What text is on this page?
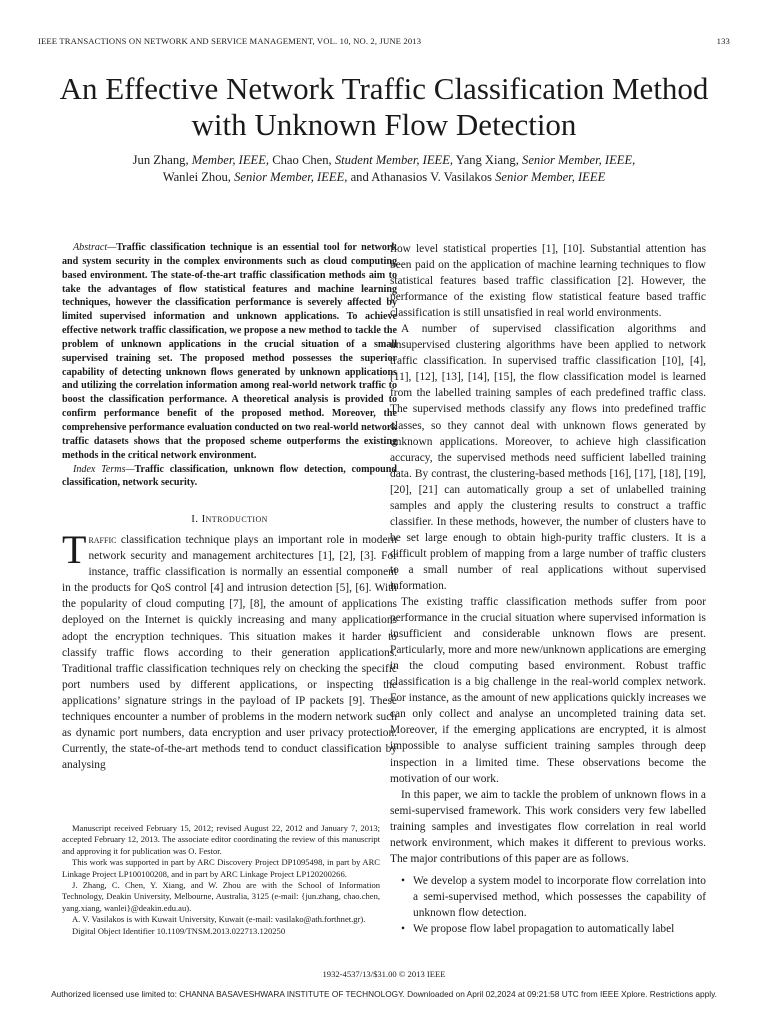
IEEE TRANSACTIONS ON NETWORK AND SERVICE MANAGEMENT, VOL. 10, NO. 2, JUNE 2013	133
An Effective Network Traffic Classification Method
with Unknown Flow Detection
Jun Zhang, Member, IEEE, Chao Chen, Student Member, IEEE, Yang Xiang, Senior Member, IEEE,
Wanlei Zhou, Senior Member, IEEE, and Athanasios V. Vasilakos Senior Member, IEEE

Abstract—Traffic classification technique is an essential tool for network and system security in the complex environments such as cloud computing based environment. The state-of-the-art traffic classification methods aim to take the advantages of flow statistical features and machine learning techniques, however the classification performance is severely affected by limited supervised information and unknown applications. To achieve effective network traffic classification, we propose a new method to tackle the problem of unknown applications in the crucial situation of a small supervised training set. The proposed method possesses the superior capability of detecting unknown flows generated by unknown applications and utilizing the correlation information among real-world network traffic to boost the classification performance. A theoretical analysis is provided to confirm performance benefit of the proposed method. Moreover, the comprehensive performance evaluation conducted on two real-world network traffic datasets shows that the proposed scheme outperforms the existing methods in the critical network environment.

Index Terms—Traffic classification, unknown flow detection, compound classification, network security.

I. Introduction

Traffic classification technique plays an important role in modern network security and management architectures [1], [2], [3]. For instance, traffic classification is normally an essential component in the products for QoS control [4] and intrusion detection [5], [6]. With the popularity of cloud computing [7], [8], the amount of applications deployed on the Internet is quickly increasing and many applications adopt the encryption techniques. This situation makes it harder to classify traffic flows according to their generation applications. Traditional traffic classification techniques rely on checking the specific port numbers used by different applications, or inspecting the applications’ signature strings in the payload of IP packets [9]. These techniques encounter a number of problems in the modern network such as dynamic port numbers, data encryption and user privacy protection. Currently, the state-of-the-art methods tend to conduct classification by analysing

Manuscript received February 15, 2012; revised August 22, 2012 and January 7, 2013; accepted February 12, 2013. The associate editor coordinating the review of this manuscript and approving it for publication was O. Festor.

This work was supported in part by ARC Discovery Project DP1095498, in part by ARC Linkage Project LP100100208, and in part by ARC Linkage Project LP120200266.

J. Zhang, C. Chen, Y. Xiang, and W. Zhou are with the School of Information Technology, Deakin University, Melbourne, Australia, 3125 (e-mail: {jun.zhang, chao.chen, yang.xiang, wanlei}@deakin.edu.au).

A. V. Vasilakos is with Kuwait University, Kuwait (e-mail: vasilako@ath.forthnet.gr).

Digital Object Identifier 10.1109/TNSM.2013.022713.120250

flow level statistical properties [1], [10]. Substantial attention has been paid on the application of machine learning techniques to flow statistical features based traffic classification [2]. However, the performance of the existing flow statistical feature based traffic classification is still unsatisfied in real world environments.

A number of supervised classification algorithms and unsupervised clustering algorithms have been applied to network traffic classification. In supervised traffic classification [10], [4], [11], [12], [13], [14], [15], the flow classification model is learned from the labelled training samples of each predefined traffic class. The supervised methods classify any flows into predefined traffic classes, so they cannot deal with unknown flows generated by unknown applications. Moreover, to achieve high classification accuracy, the supervised methods need sufficient labelled training data. By contrast, the clustering-based methods [16], [17], [18], [19], [20], [21] can automatically group a set of unlabelled training samples and apply the clustering results to construct a traffic classifier. In these methods, however, the number of clusters have to be set large enough to obtain high-purity traffic clusters. It is a difficult problem of mapping from a large number of traffic clusters to a small number of real applications without supervised information.

The existing traffic classification methods suffer from poor performance in the crucial situation where supervised information is insufficient and considerable unknown flows are present. Particularly, more and more new/unknown applications are emerging in the cloud computing based environment. Robust traffic classification is a big challenge in the real-world complex network. For instance, as the amount of new applications quickly increases we can only collect and analyse an uncompleted training data set. Moreover, if the emerging applications are encrypted, it is almost impossible to analyse sufficient training samples through deep inspection in a limited time. These observations become the motivation of our work.

In this paper, we aim to tackle the problem of unknown flows in a semi-supervised framework. This work considers very few labelled training samples and investigates flow correlation in real world network environment, which makes it different to previous works. The major contributions of this paper are as follows.

• We develop a system model to incorporate flow correlation into a semi-supervised method, which possesses the capability of unknown flow detection.
• We propose flow label propagation to automatically label
1932-4537/13/$31.00 © 2013 IEEE
Authorized licensed use limited to: CHANNA BASAVESHWARA INSTITUTE OF TECHNOLOGY. Downloaded on April 02,2024 at 09:21:58 UTC from IEEE Xplore. Restrictions apply.
